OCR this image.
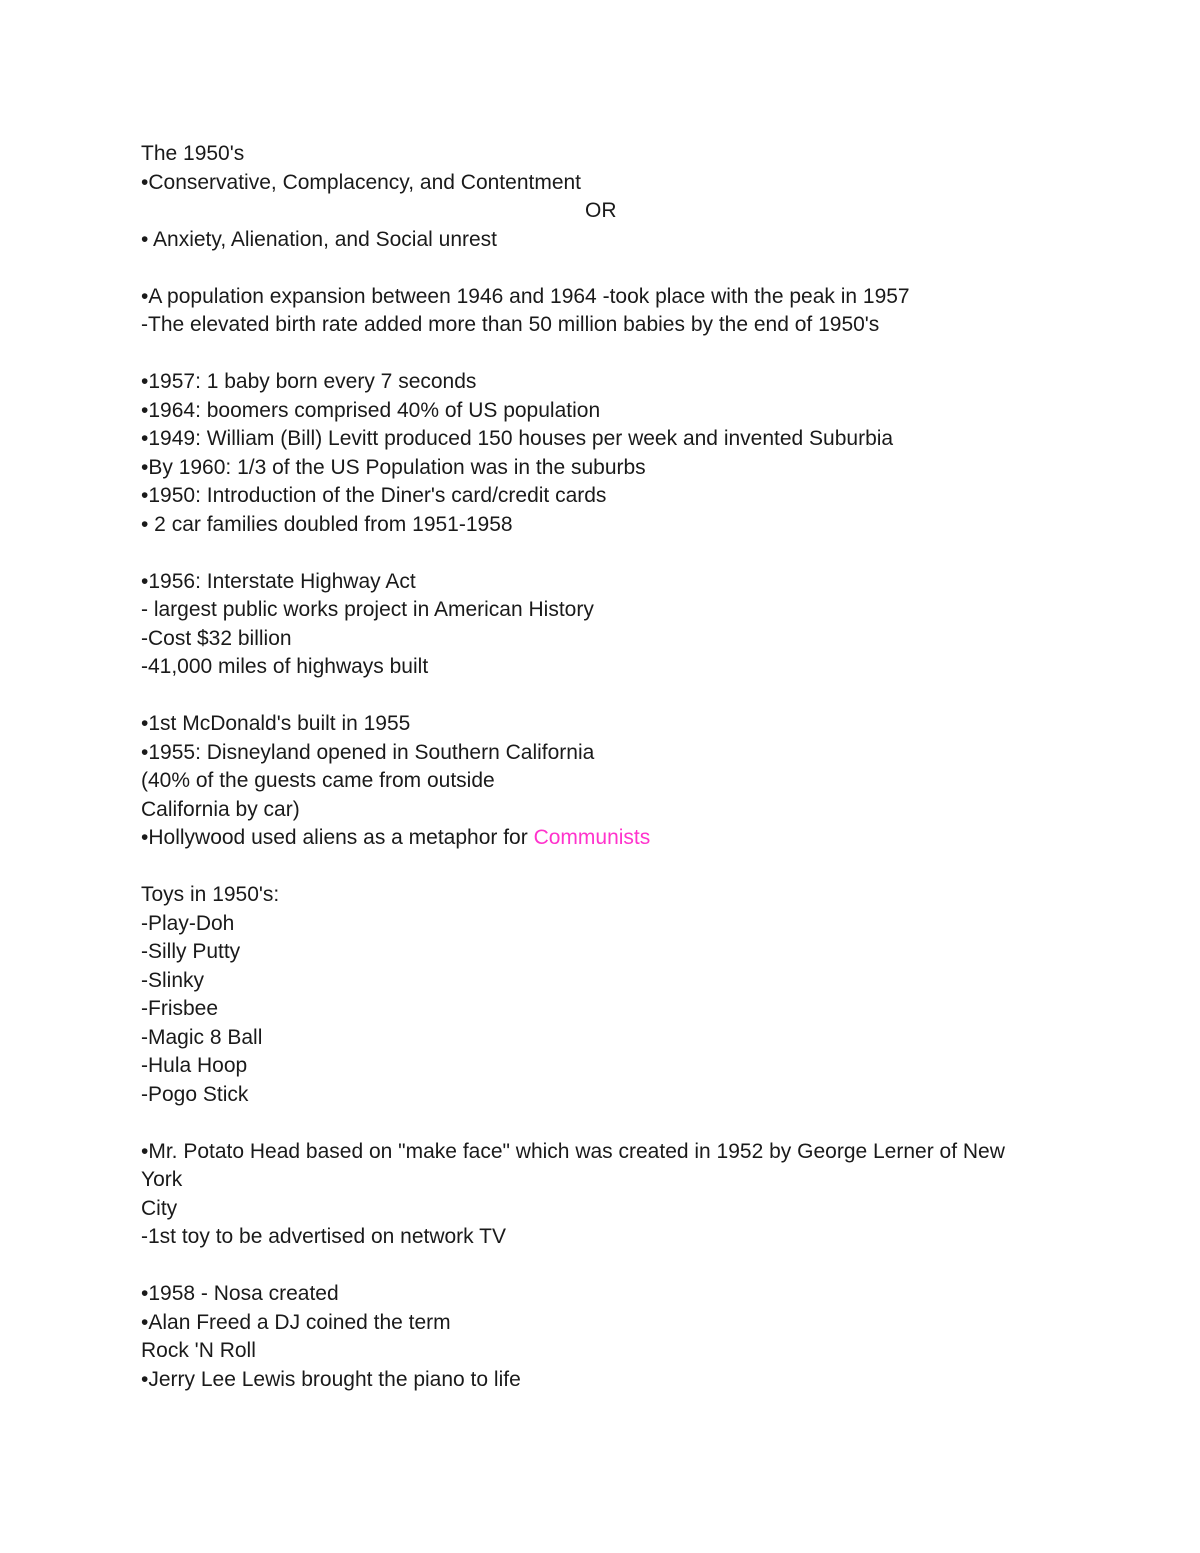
The 1950's
•Conservative, Complacency, and Contentment
OR
• Anxiety, Alienation, and Social unrest
•A population expansion between 1946 and 1964 -took place with the peak in 1957
-The elevated birth rate added more than 50 million babies by the end of 1950's
•1957: 1 baby born every 7 seconds
•1964: boomers comprised 40% of US population
•1949: William (Bill) Levitt produced 150 houses per week and invented Suburbia
•By 1960: 1/3 of the US Population was in the suburbs
•1950: Introduction of the Diner's card/credit cards
• 2 car families doubled from 1951-1958
•1956: Interstate Highway Act
- largest public works project in American History
-Cost $32 billion
-41,000 miles of highways built
•1st McDonald's built in 1955
•1955: Disneyland opened in Southern California
(40% of the guests came from outside
California by car)
•Hollywood used aliens as a metaphor for Communists
Toys in 1950's:
-Play-Doh
-Silly Putty
-Slinky
-Frisbee
-Magic 8 Ball
-Hula Hoop
-Pogo Stick
•Mr. Potato Head based on "make face" which was created in 1952 by George Lerner of New
York
City
-1st toy to be advertised on network TV
•1958 - Nosa created
•Alan Freed a DJ coined the term
Rock 'N Roll
•Jerry Lee Lewis brought the piano to life
